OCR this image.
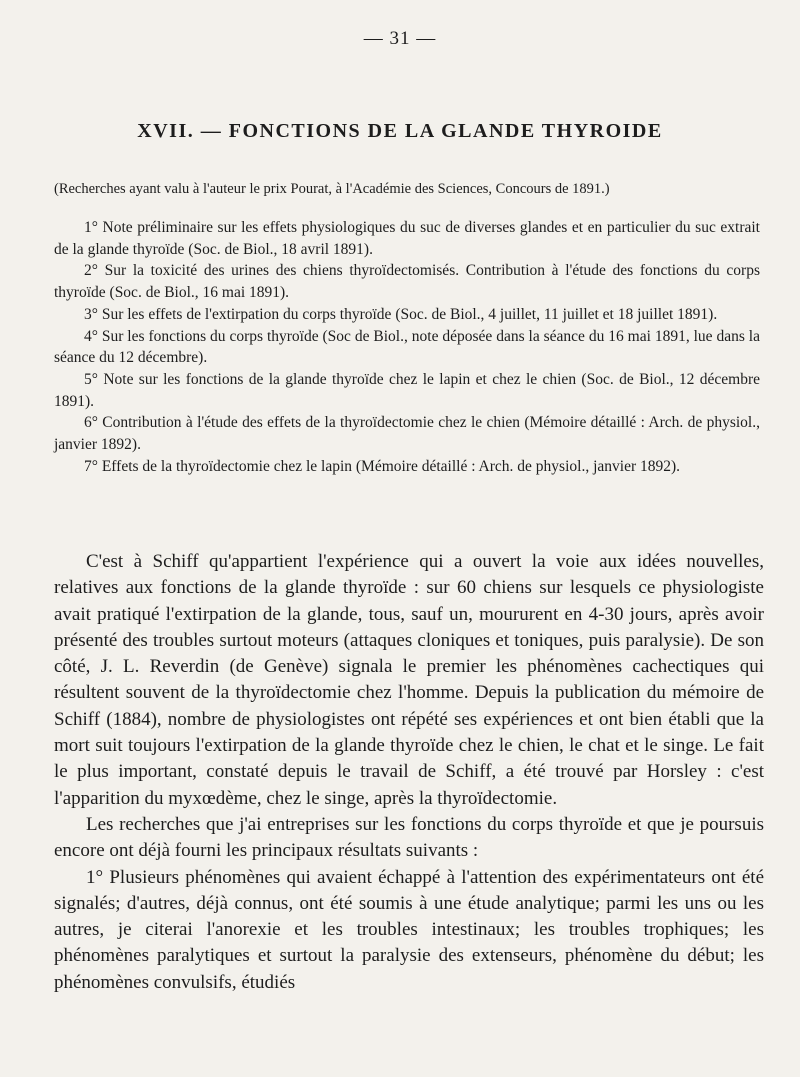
— 31 —
XVII. — FONCTIONS DE LA GLANDE THYROIDE
(Recherches ayant valu à l'auteur le prix Pourat, à l'Académie des Sciences, Concours de 1891.)

1° Note préliminaire sur les effets physiologiques du suc de diverses glandes et en particulier du suc extrait de la glande thyroïde (Soc. de Biol., 18 avril 1891).

2° Sur la toxicité des urines des chiens thyroïdectomisés. Contribution à l'étude des fonctions du corps thyroïde (Soc. de Biol., 16 mai 1891).

3° Sur les effets de l'extirpation du corps thyroïde (Soc. de Biol., 4 juillet, 11 juillet et 18 juillet 1891).

4° Sur les fonctions du corps thyroïde (Soc de Biol., note déposée dans la séance du 16 mai 1891, lue dans la séance du 12 décembre).

5° Note sur les fonctions de la glande thyroïde chez le lapin et chez le chien (Soc. de Biol., 12 décembre 1891).

6° Contribution à l'étude des effets de la thyroïdectomie chez le chien (Mémoire détaillé : Arch. de physiol., janvier 1892).

7° Effets de la thyroïdectomie chez le lapin (Mémoire détaillé : Arch. de physiol., janvier 1892).

C'est à Schiff qu'appartient l'expérience qui a ouvert la voie aux idées nouvelles, relatives aux fonctions de la glande thyroïde : sur 60 chiens sur lesquels ce physiologiste avait pratiqué l'extirpation de la glande, tous, sauf un, moururent en 4-30 jours, après avoir présenté des troubles surtout moteurs (attaques cloniques et toniques, puis paralysie). De son côté, J. L. Reverdin (de Genève) signala le premier les phénomènes cachectiques qui résultent souvent de la thyroïdectomie chez l'homme. Depuis la publication du mémoire de Schiff (1884), nombre de physiologistes ont répété ses expériences et ont bien établi que la mort suit toujours l'extirpation de la glande thyroïde chez le chien, le chat et le singe. Le fait le plus important, constaté depuis le travail de Schiff, a été trouvé par Horsley : c'est l'apparition du myxœdème, chez le singe, après la thyroïdectomie.

Les recherches que j'ai entreprises sur les fonctions du corps thyroïde et que je poursuis encore ont déjà fourni les principaux résultats suivants :

1° Plusieurs phénomènes qui avaient échappé à l'attention des expérimentateurs ont été signalés; d'autres, déjà connus, ont été soumis à une étude analytique; parmi les uns ou les autres, je citerai l'anorexie et les troubles intestinaux; les troubles trophiques; les phénomènes paralytiques et surtout la paralysie des extenseurs, phénomène du début; les phénomènes convulsifs, étudiés
